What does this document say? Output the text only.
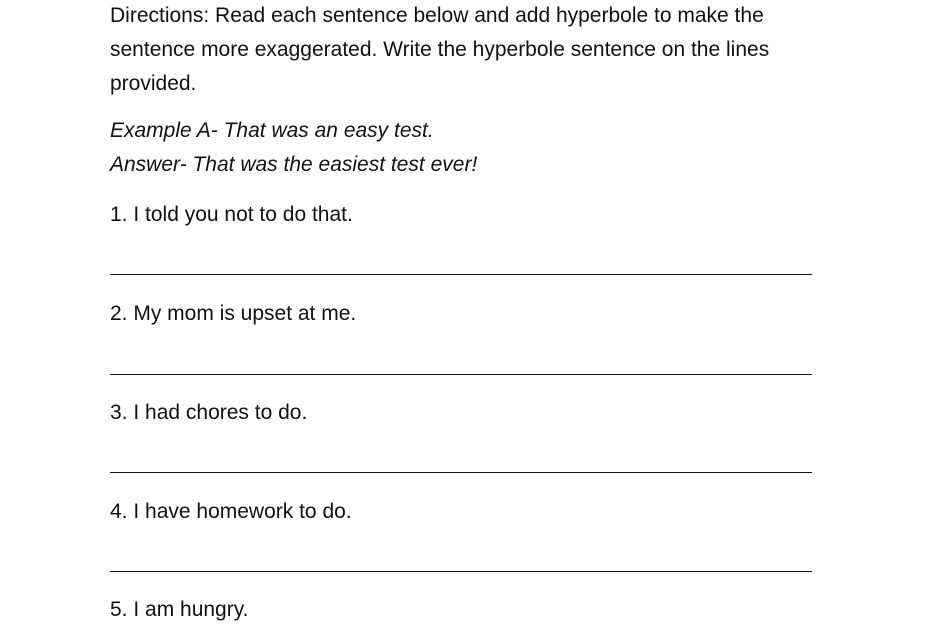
Directions: Read each sentence below and add hyperbole to make the sentence more exaggerated. Write the hyperbole sentence on the lines provided.

Example A- That was an easy test.

Answer- That was the easiest test ever!

1. I told you not to do that.

2. My mom is upset at me.

3. I had chores to do.

4. I have homework to do.

5. I am hungry.
